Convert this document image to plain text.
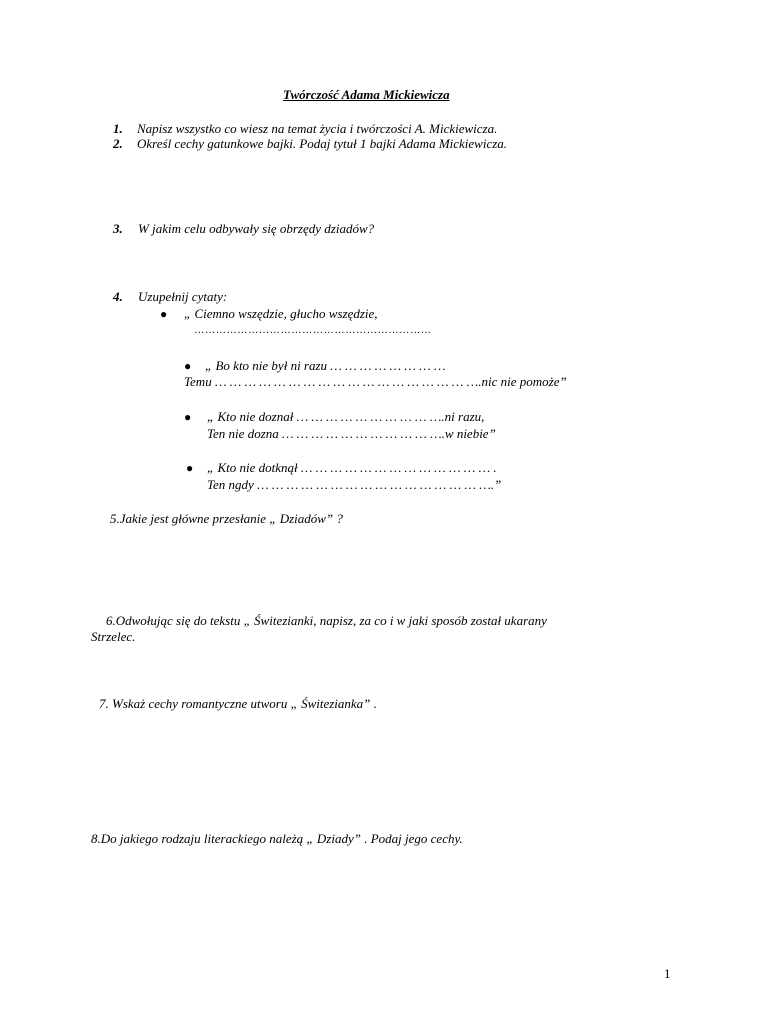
Twórczość Adama Mickiewicza
1. Napisz wszystko co wiesz na temat życia i twórczości A. Mickiewicza.
2. Określ cechy gatunkowe bajki. Podaj tytuł 1 bajki Adama Mickiewicza.
3. W jakim celu odbywały się obrzędy dziadów?
4. Uzupełnij cytaty:
● „ Ciemno wszędzie, głucho wszędzie,
… … … … … … … … … … … … … … … … … … … … … …
● „ Bo kto nie był ni razu … … … … … … … …
Temu … … … … … … … … … … … … … … … … … ….nic nie pomoże”
● „ Kto nie doznał … … … … … … … … … ….ni razu,
Ten nie dozna … … … … … … … … … … ….w niebie”
● „ Kto nie dotknął … … … … … … … … … … … … … .
Ten ngdy … … … … … … … … … … … … … … … ….”
5.Jakie jest główne przesłanie „ Dziadów” ?
6.Odwołując się do tekstu „ Świtezianki, napisz, za co i w jaki sposób został ukarany
Strzelec.
7. Wskaż cechy romantyczne utworu „ Świtezianka” .
8.Do jakiego rodzaju literackiego należą „ Dziady” . Podaj jego cechy.
1
